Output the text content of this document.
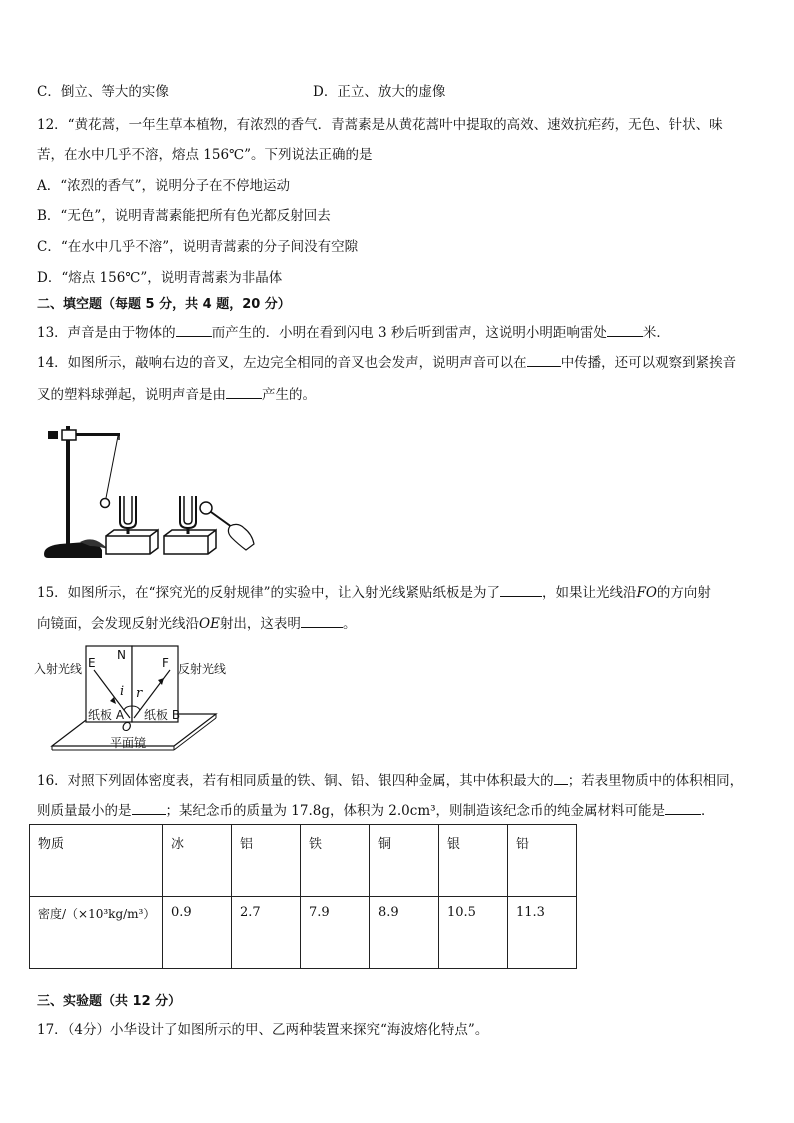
C．倒立、等大的实像	D．正立、放大的虚像
12．“黄花蒿，一年生草本植物，有浓烈的香气．青蒿素是从黄花蒿叶中提取的高效、速效抗疟药，无色、针状、味
苦，在水中几乎不溶，熔点 156℃”。下列说法正确的是
A．“浓烈的香气”，说明分子在不停地运动
B．“无色”，说明青蒿素能把所有色光都反射回去
C．“在水中几乎不溶”，说明青蒿素的分子间没有空隙
D．“熔点 156℃”，说明青蒿素为非晶体
二、填空题（每题 5 分，共 4 题，20 分）
13．声音是由于物体的	而产生的．小明在看到闪电 3 秒后听到雷声，这说明小明距响雷处	米．
14．如图所示，敲响右边的音叉，左边完全相同的音叉也会发声，说明声音可以在	中传播，还可以观察到紧挨音
叉的塑料球弹起，说明声音是由	产生的。
15．如图所示，在“探究光的反射规律”的实验中，让入射光线紧贴纸板是为了	，如果让光线沿FO的方向射
向镜面，会发现反射光线沿OE射出，这表明	。
入射光线	反射光线
E
N
F
i r
纸板 A 纸板 B
O
平面镜
16．对照下列固体密度表，若有相同质量的铁、铜、铅、银四种金属，其中体积最大的 ；若表里物质中的体积相同，
则质量最小的是	；某纪念币的质量为 17.8g，体积为 2.0cm³，则制造该纪念币的纯金属材料可能是	．
物质	冰	铝	铁	铜	银	铅
密度/（×10³kg/m³）	0.9	2.7	7.9	8.9	10.5	11.3
三、实验题（共 12 分）
17．（4分）小华设计了如图所示的甲、乙两种装置来探究“海波熔化特点”。
